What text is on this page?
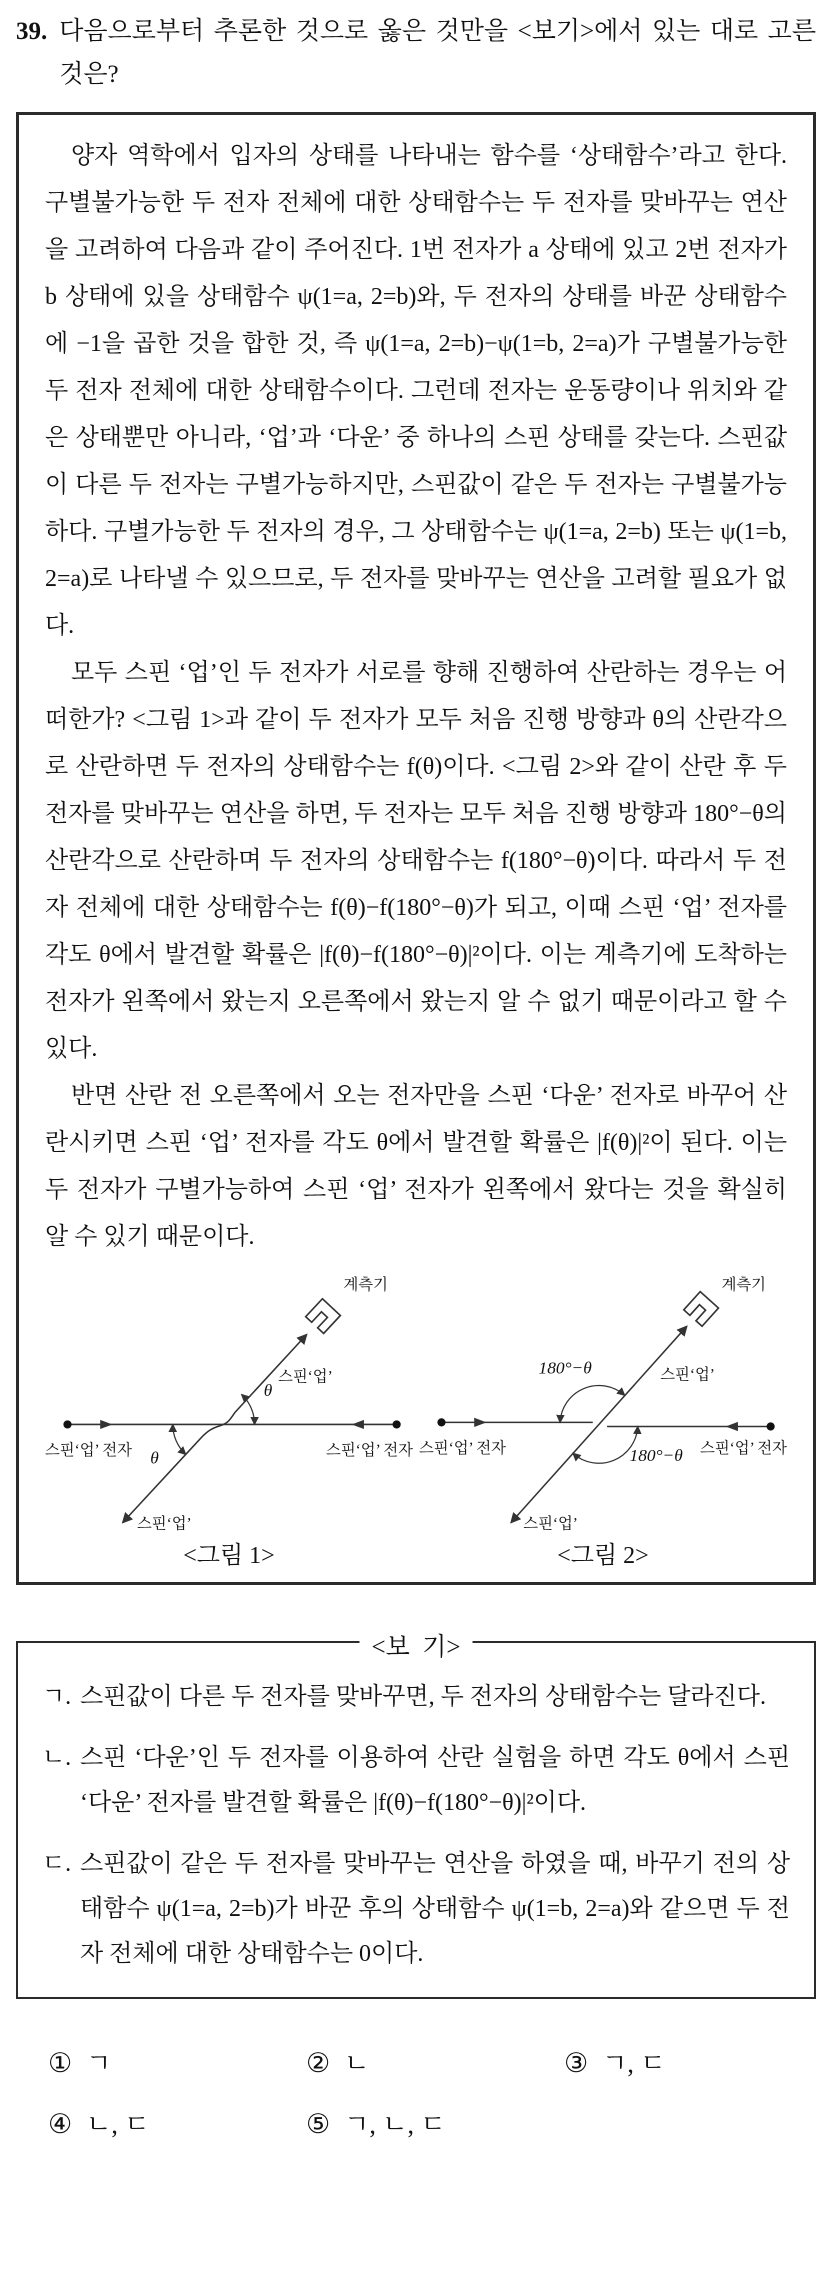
39. 다음으로부터 추론한 것으로 옳은 것만을 <보기>에서 있는 대로 고른 것은?

양자 역학에서 입자의 상태를 나타내는 함수를 ‘상태함수’라고 한다. 구별불가능한 두 전자 전체에 대한 상태함수는 두 전자를 맞바꾸는 연산을 고려하여 다음과 같이 주어진다. 1번 전자가 a 상태에 있고 2번 전자가 b 상태에 있을 상태함수 ψ(1=a, 2=b)와, 두 전자의 상태를 바꾼 상태함수에 −1을 곱한 것을 합한 것, 즉 ψ(1=a, 2=b)−ψ(1=b, 2=a)가 구별불가능한 두 전자 전체에 대한 상태함수이다. 그런데 전자는 운동량이나 위치와 같은 상태뿐만 아니라, ‘업’과 ‘다운’ 중 하나의 스핀 상태를 갖는다. 스핀값이 다른 두 전자는 구별가능하지만, 스핀값이 같은 두 전자는 구별불가능하다. 구별가능한 두 전자의 경우, 그 상태함수는 ψ(1=a, 2=b) 또는 ψ(1=b, 2=a)로 나타낼 수 있으므로, 두 전자를 맞바꾸는 연산을 고려할 필요가 없다.

모두 스핀 ‘업’인 두 전자가 서로를 향해 진행하여 산란하는 경우는 어떠한가? <그림 1>과 같이 두 전자가 모두 처음 진행 방향과 θ의 산란각으로 산란하면 두 전자의 상태함수는 f(θ)이다. <그림 2>와 같이 산란 후 두 전자를 맞바꾸는 연산을 하면, 두 전자는 모두 처음 진행 방향과 180°−θ의 산란각으로 산란하며 두 전자의 상태함수는 f(180°−θ)이다. 따라서 두 전자 전체에 대한 상태함수는 f(θ)−f(180°−θ)가 되고, 이때 스핀 ‘업’ 전자를 각도 θ에서 발견할 확률은 |f(θ)−f(180°−θ)|²이다. 이는 계측기에 도착하는 전자가 왼쪽에서 왔는지 오른쪽에서 왔는지 알 수 없기 때문이라고 할 수 있다.

반면 산란 전 오른쪽에서 오는 전자만을 스핀 ‘다운’ 전자로 바꾸어 산란시키면 스핀 ‘업’ 전자를 각도 θ에서 발견할 확률은 |f(θ)|²이 된다. 이는 두 전자가 구별가능하여 스핀 ‘업’ 전자가 왼쪽에서 왔다는 것을 확실히 알 수 있기 때문이다.

계측기
스핀‘업’
θ
θ
스핀‘업’ 전자	스핀‘업’ 전자
스핀‘업’
<그림 1>
계측기
스핀‘업’
180°−θ
180°−θ
스핀‘업’ 전자	스핀‘업’ 전자
스핀‘업’
<그림 2>
<보  기>
ㄱ. 스핀값이 다른 두 전자를 맞바꾸면, 두 전자의 상태함수는 달라진다.
ㄴ. 스핀 ‘다운’인 두 전자를 이용하여 산란 실험을 하면 각도 θ에서 스핀 ‘다운’ 전자를 발견할 확률은 |f(θ)−f(180°−θ)|²이다.
ㄷ. 스핀값이 같은 두 전자를 맞바꾸는 연산을 하였을 때, 바꾸기 전의 상태함수 ψ(1=a, 2=b)가 바꾼 후의 상태함수 ψ(1=b, 2=a)와 같으면 두 전자 전체에 대한 상태함수는 0이다.
① ㄱ	② ㄴ	③ ㄱ, ㄷ
④ ㄴ, ㄷ	⑤ ㄱ, ㄴ, ㄷ
